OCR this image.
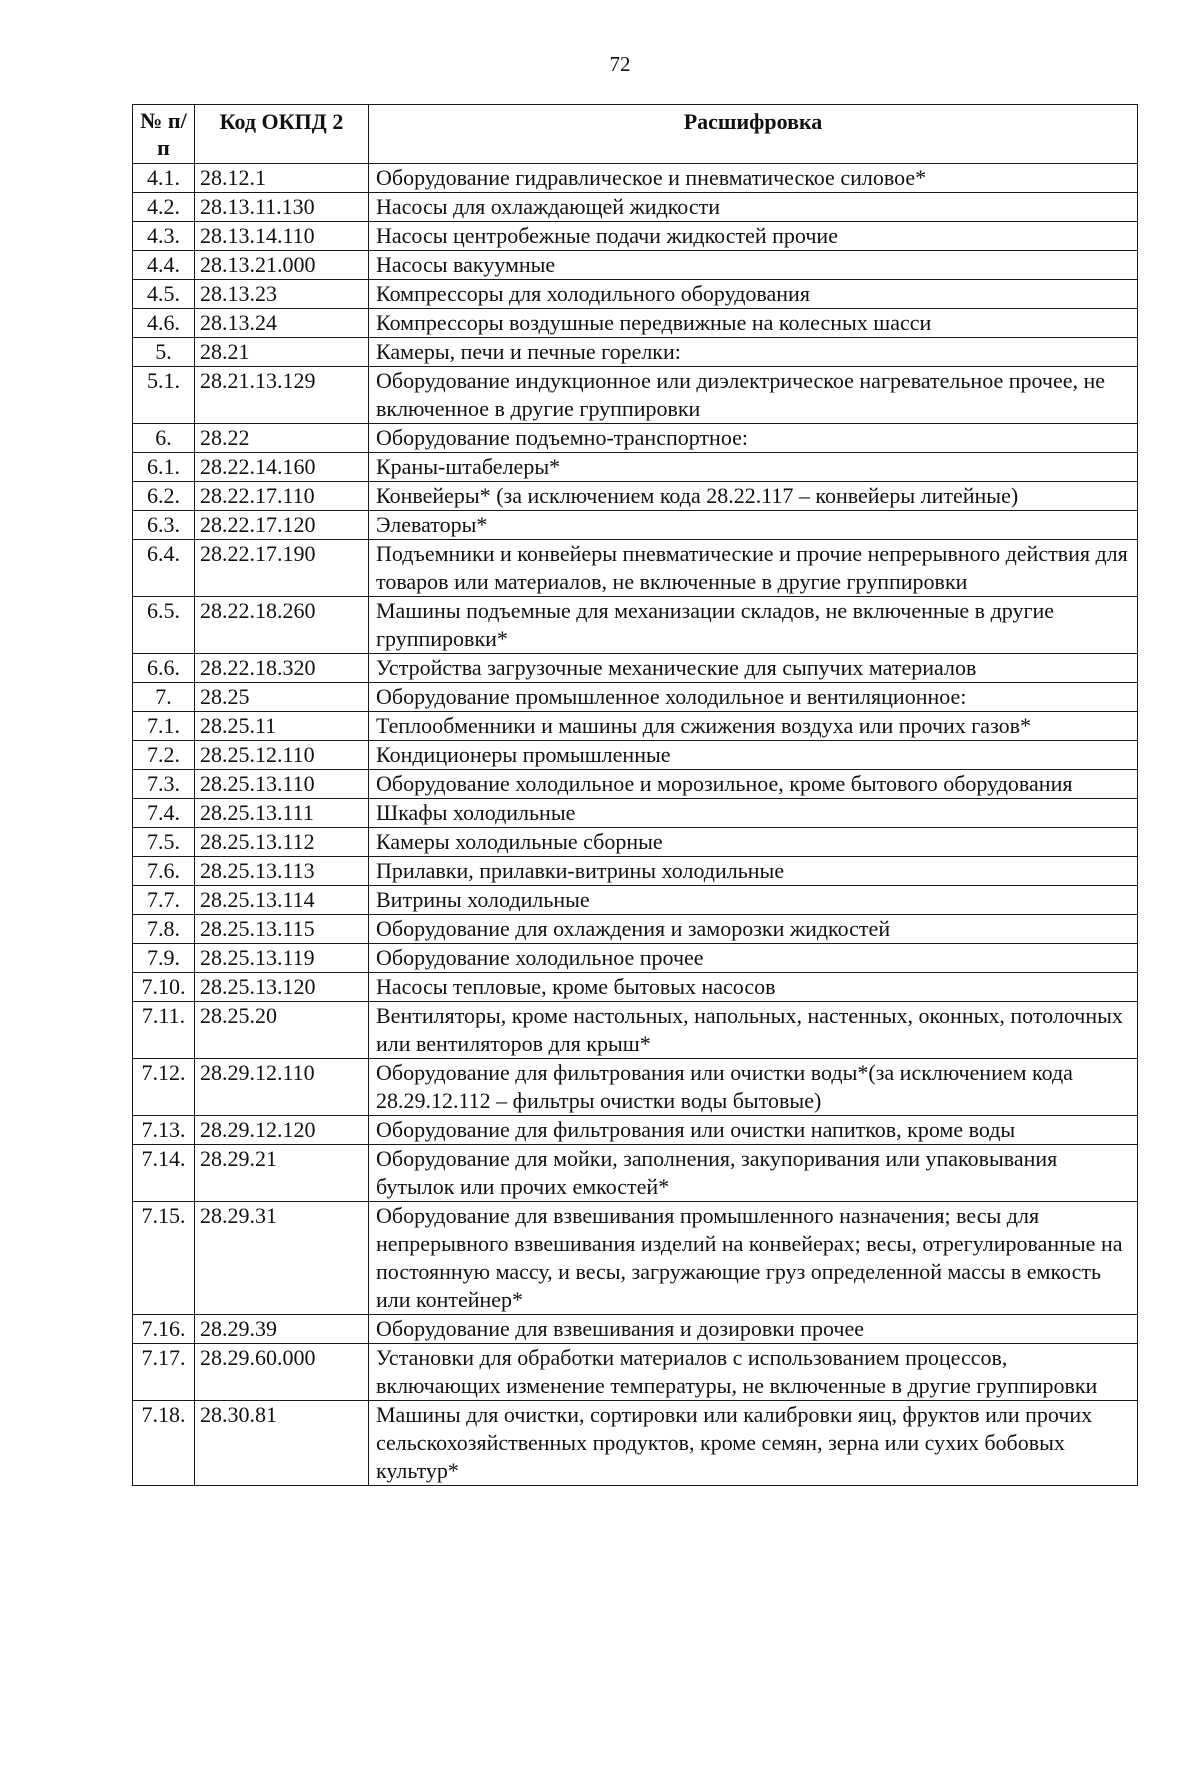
72
№ п/п	Код ОКПД 2	Расшифровка
4.1.	28.12.1	Оборудование гидравлическое и пневматическое силовое*
4.2.	28.13.11.130	Насосы для охлаждающей жидкости
4.3.	28.13.14.110	Насосы центробежные подачи жидкостей прочие
4.4.	28.13.21.000	Насосы вакуумные
4.5.	28.13.23	Компрессоры для холодильного оборудования
4.6.	28.13.24	Компрессоры воздушные передвижные на колесных шасси
5.	28.21	Камеры, печи и печные горелки:
5.1.	28.21.13.129	Оборудование индукционное или диэлектрическое нагревательное прочее, не включенное в другие группировки
6.	28.22	Оборудование подъемно-транспортное:
6.1.	28.22.14.160	Краны-штабелеры*
6.2.	28.22.17.110	Конвейеры* (за исключением кода 28.22.117 – конвейеры литейные)
6.3.	28.22.17.120	Элеваторы*
6.4.	28.22.17.190	Подъемники и конвейеры пневматические и прочие непрерывного действия для товаров или материалов, не включенные в другие группировки
6.5.	28.22.18.260	Машины подъемные для механизации складов, не включенные в другие группировки*
6.6.	28.22.18.320	Устройства загрузочные механические для сыпучих материалов
7.	28.25	Оборудование промышленное холодильное и вентиляционное:
7.1.	28.25.11	Теплообменники и машины для сжижения воздуха или прочих газов*
7.2.	28.25.12.110	Кондиционеры промышленные
7.3.	28.25.13.110	Оборудование холодильное и морозильное, кроме бытового оборудования
7.4.	28.25.13.111	Шкафы холодильные
7.5.	28.25.13.112	Камеры холодильные сборные
7.6.	28.25.13.113	Прилавки, прилавки-витрины холодильные
7.7.	28.25.13.114	Витрины холодильные
7.8.	28.25.13.115	Оборудование для охлаждения и заморозки жидкостей
7.9.	28.25.13.119	Оборудование холодильное прочее
7.10.	28.25.13.120	Насосы тепловые, кроме бытовых насосов
7.11.	28.25.20	Вентиляторы, кроме настольных, напольных, настенных, оконных, потолочных или вентиляторов для крыш*
7.12.	28.29.12.110	Оборудование для фильтрования или очистки воды*(за исключением кода 28.29.12.112 – фильтры очистки воды бытовые)
7.13.	28.29.12.120	Оборудование для фильтрования или очистки напитков, кроме воды
7.14.	28.29.21	Оборудование для мойки, заполнения, закупоривания или упаковывания бутылок или прочих емкостей*
7.15.	28.29.31	Оборудование для взвешивания промышленного назначения; весы для непрерывного взвешивания изделий на конвейерах; весы, отрегулированные на постоянную массу, и весы, загружающие груз определенной массы в емкость или контейнер*
7.16.	28.29.39	Оборудование для взвешивания и дозировки прочее
7.17.	28.29.60.000	Установки для обработки материалов с использованием процессов, включающих изменение температуры, не включенные в другие группировки
7.18.	28.30.81	Машины для очистки, сортировки или калибровки яиц, фруктов или прочих сельскохозяйственных продуктов, кроме семян, зерна или сухих бобовых культур*
